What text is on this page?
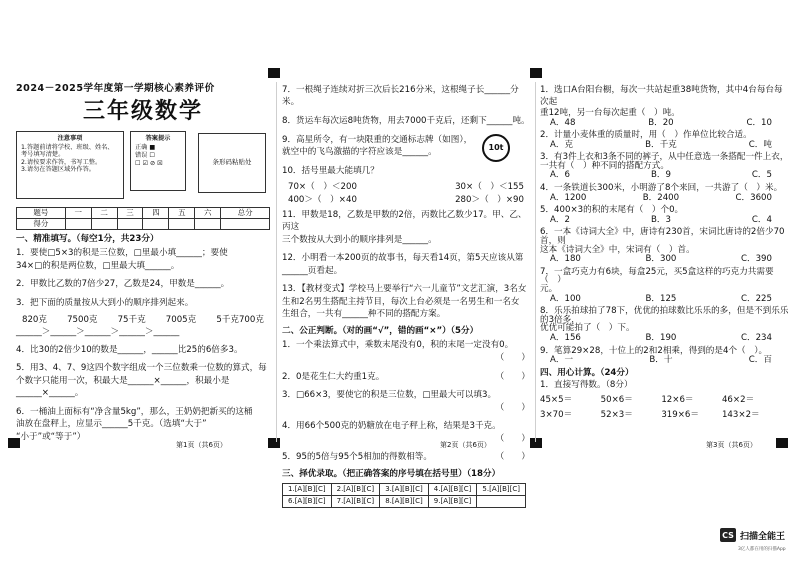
2024－2025学年度第一学期核心素养评价
三年级数学
注意事项
1.答题前请将学校、班级、姓名、考号填写清楚。
2.请按要求作答，书写工整。
3.请勿在答题区域外作答。
答案提示
正确 ■
错误 ☐
☐ ☑ ⊘ ☒	条形码粘贴处
题号	一	二	三	四	五	六	总分
得分							
一、精准填写。（每空1分，共23分）
1．要使□5×3的积是三位数，□里最小填______；要使
34×□的积是两位数，□里最大填______。
2．甲数比乙数的7倍少27，乙数是24，甲数是______。
3．把下面的质量按从大到小的顺序排列起来。
820克 7500克 75千克 7005克 5千克700克
______＞______＞______＞______＞______
4．比30的2倍少10的数是______，______比25的6倍多3。
5．用3、4、7、9这四个数字组成一个三位数乘一位数的算式，每
个数字只能用一次，积最大是______×______，积最小是
______×______。
6．一桶油上面标有“净含量5kg”，那么，王奶奶把新买的这桶
油放在盘秤上，应显示______5千克。（选填“大于”
“小于”或“等于”）
7．一根绳子连续对折三次后长216分米，这根绳子长______分米。
8．货运车每次运8吨货物，用去7000千克后，还剩下______吨。
9．高星所令，有一块限重的交通标志牌（如图），
就空中的飞鸟激描的字符应该是______。	10t
10．括号里最大能填几？
70×（　）＜200	30×（　）＜155
400＞（　）×40	280＞（　）×90
11．甲数是18，乙数是甲数的2倍，丙数比乙数少17。甲、乙、丙这
三个数按从大到小的顺序排列是______。
12．小明看一本200页的故事书，每天看14页，第5天应该从第
______页看起。
13．【教材变式】学校马上要举行“六一儿童节”文艺汇演，3名女
生和2名男生搭配主持节目，每次上台必须是一名男生和一名女
生组合，一共有______种不同的搭配方案。
二、公正判断。（对的画“√”，错的画“×”）（5分）
1．一个乘法算式中，乘数末尾没有0，积的末尾一定没有0。
（　　）
2．0是花生仁大约重1克。	（　　）
3．□66×3，要使它的积是三位数，□里最大可以填3。
（　　）
4．用66个500克的奶糖放在电子秤上称，结果是3千克。
（　　）
5．95的5倍与95个5相加的得数相等。	（　　）
三、择优录取。（把正确答案的序号填在括号里）（18分）
1.[A][B][C]	2.[A][B][C]	3.[A][B][C]	4.[A][B][C]	5.[A][B][C]
6.[A][B][C]	7.[A][B][C]	8.[A][B][C]	9.[A][B][C]	
1．选口A台阳台橱，每次一共站起重38吨货物，其中4台每台每次起
重12吨，另一台每次起重（　）吨。
A．48	B．20	C．10
2．计量小麦体重的质量时，用（　）作单位比较合适。
A．克	B．千克	C．吨
3．有3件上衣和3条不同的裤子，从中任意选一条搭配一件上衣，
一共有（　）种不同的搭配方式。
A．6	B．9	C．5
4．一条铁道长300米，小明游了8个来回，一共游了（　）米。
A．1200	B．2400	C．3600
5．400×3的积的末尾有（　）个0。
A．2	B．3	C．4
6．一本《诗词大全》中，唐诗有230首，宋词比唐诗的2倍少70首，则
这本《诗词大全》中，宋词有（　）首。
A．180	B．300	C．390
7．一盒巧克力有6块，每盒25元，买5盒这样的巧克力共需要（　）
元。
A．100	B．125	C．225
8．乐乐拍球拍了78下，优优的拍球数比乐乐的多，但是不到乐乐的3倍多，
优优可能拍了（　）下。
A．156	B．190	C．234
9．笔算29×28，十位上的2和2相乘，得到的是4个（　）。
A．一	B．十	C．百
四、用心计算。（24分）
1．直接写得数。（8分）
45×5＝	50×6＝	12×6＝	46×2＝
3×70＝	52×3＝	319×6＝	143×2＝
第1页（共6页）	第2页（共6页）	第3页（共6页）
CS 扫描全能王
3亿人都在用的扫描App
